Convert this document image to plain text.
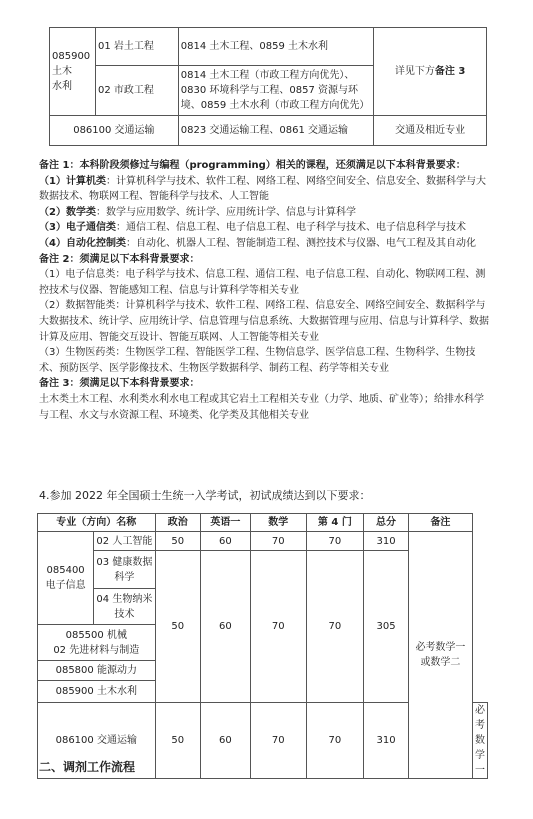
085900
土木
水利	01 岩土工程	0814 土木工程、0859 土木水利	详见下方备注 3
	02 市政工程	0814 土木工程（市政工程方向优先）、0830 环境科学与工程、0857 资源与环境、0859 土木水利（市政工程方向优先）	
086100 交通运输		0823 交通运输工程、0861 交通运输	交通及相近专业

备注 1：本科阶段须修过与编程（programming）相关的课程，还须满足以下本科背景要求：

（1）计算机类：计算机科学与技术、软件工程、网络工程、网络空间安全、信息安全、数据科学与大数据技术、物联网工程、智能科学与技术、人工智能

（2）数学类：数学与应用数学、统计学、应用统计学、信息与计算科学

（3）电子通信类：通信工程、信息工程、电子信息工程、电子科学与技术、电子信息科学与技术

（4）自动化控制类：自动化、机器人工程、智能制造工程、测控技术与仪器、电气工程及其自动化

备注 2：须满足以下本科背景要求：

（1）电子信息类：电子科学与技术、信息工程、通信工程、电子信息工程、自动化、物联网工程、测控技术与仪器、智能感知工程、信息与计算科学等相关专业

（2）数据智能类：计算机科学与技术、软件工程、网络工程、信息安全、网络空间安全、数据科学与大数据技术、统计学、应用统计学、信息管理与信息系统、大数据管理与应用、信息与计算科学、数据计算及应用、智能交互设计、智能互联网、人工智能等相关专业

（3）生物医药类：生物医学工程、智能医学工程、生物信息学、医学信息工程、生物科学、生物技术、预防医学、医学影像技术、生物医学数据科学、制药工程、药学等相关专业

备注 3：须满足以下本科背景要求：

土木类土木工程、水利类水利水电工程或其它岩土工程相关专业（力学、地质、矿业等）；给排水科学与工程、水文与水资源工程、环境类、化学类及其他相关专业

4.参加 2022 年全国硕士生统一入学考试，初试成绩达到以下要求：
专业（方向）名称		政治	英语一	数学	第 4 门	总分	备注	
085400
电子信息	02 人工智能	50	60	70	70	310	必考数学一或数学二	
	03 健康数据科学	50	60	70	70	305		
	04 生物纳米技术							
085500 机械
02 先进材料与制造								
085800 能源动力								
085900 土木水利								
086100 交通运输		50	60	70	70	310		必考数学一
二、调剂工作流程
